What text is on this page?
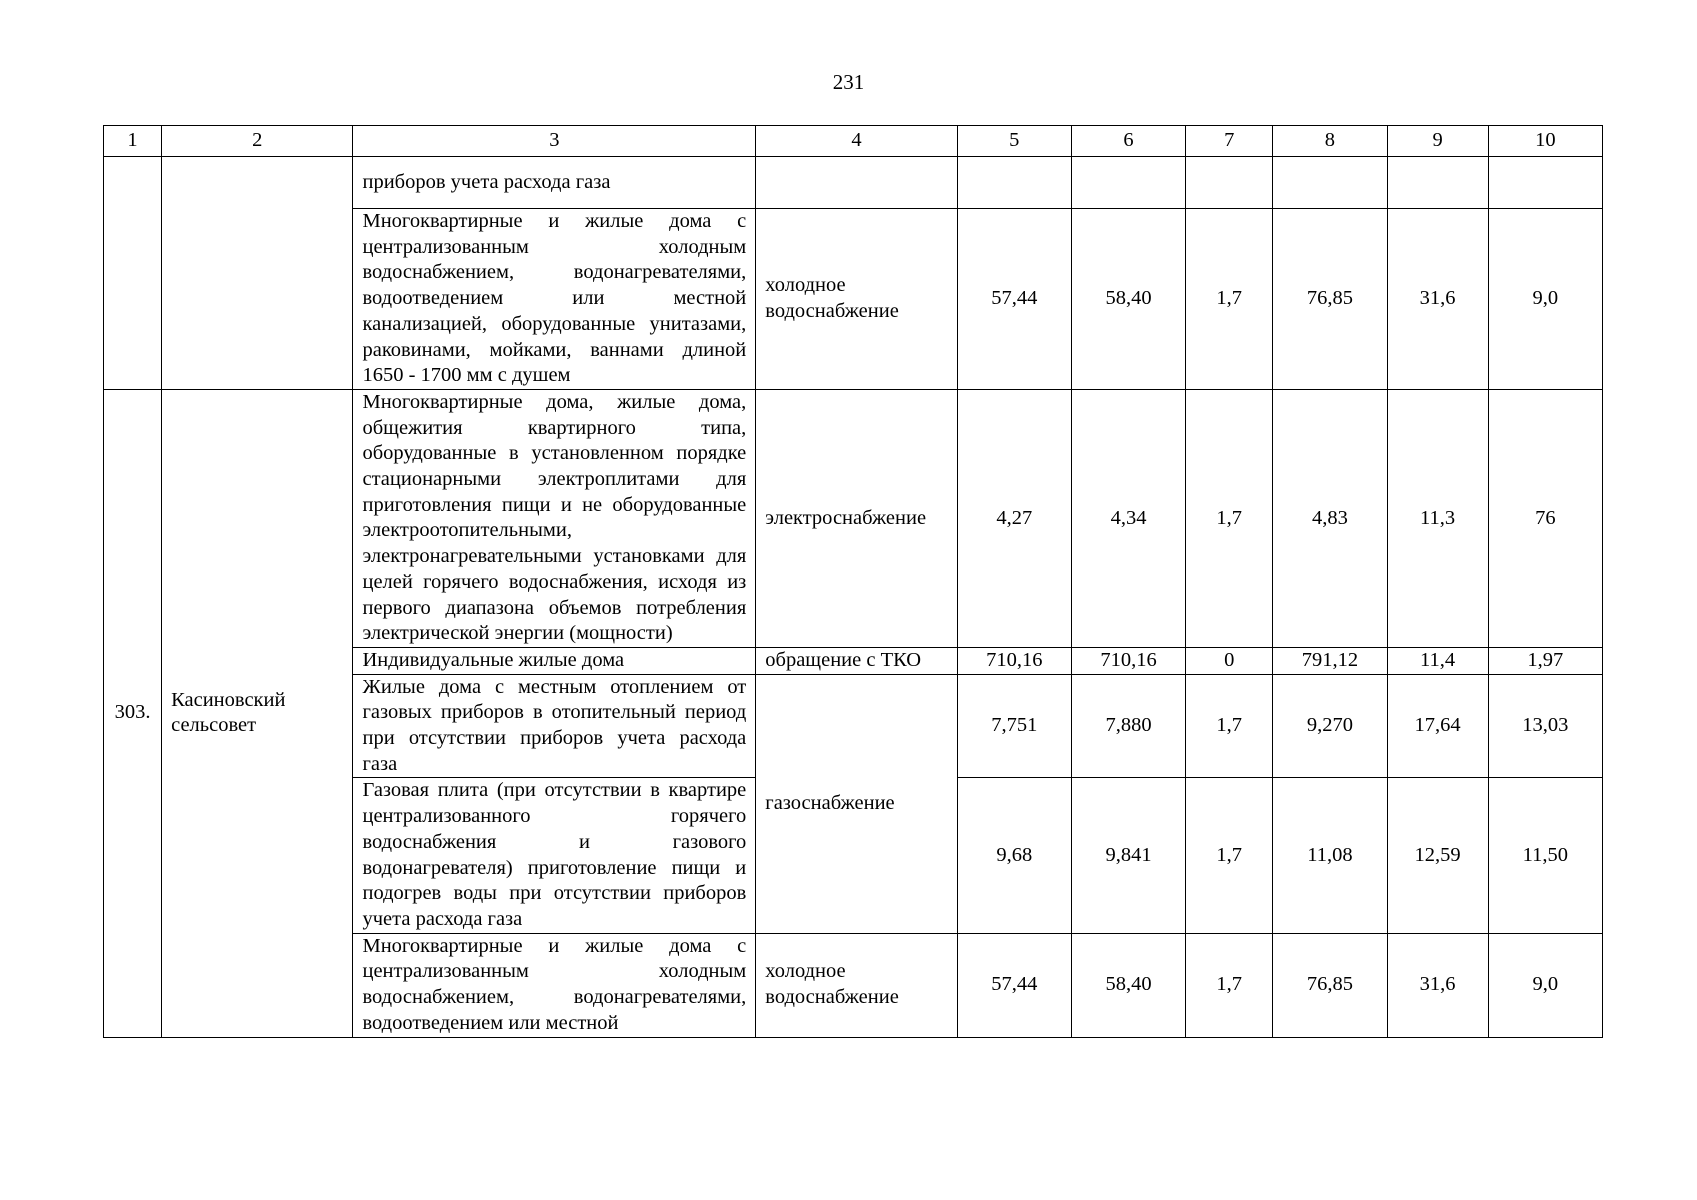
231
1	2	3	4	5	6	7	8	9	10
		приборов учета расхода газа							
		Многоквартирные и жилые дома с централизованным холодным водоснабжением, водонагревателями, водоотведением или местной канализацией, оборудованные унитазами, раковинами, мойками, ваннами длиной 1650 - 1700 мм с душем	холодное водоснабжение	57,44	58,40	1,7	76,85	31,6	9,0
303.	Касиновский сельсовет	Многоквартирные дома, жилые дома, общежития квартирного типа, оборудованные в установленном порядке стационарными электроплитами для приготовления пищи и не оборудованные электроотопительными, электронагревательными установками для целей горячего водоснабжения, исходя из первого диапазона объемов потребления электрической энергии (мощности)	электроснабжение	4,27	4,34	1,7	4,83	11,3	76
		Индивидуальные жилые дома	обращение с ТКО	710,16	710,16	0	791,12	11,4	1,97
		Жилые дома с местным отоплением от газовых приборов в отопительный период при отсутствии приборов учета расхода газа	газоснабжение	7,751	7,880	1,7	9,270	17,64	13,03
		Газовая плита (при отсутствии в квартире централизованного горячего водоснабжения и газового водонагревателя) приготовление пищи и подогрев воды при отсутствии приборов учета расхода газа		9,68	9,841	1,7	11,08	12,59	11,50
		Многоквартирные и жилые дома с централизованным холодным водоснабжением, водонагревателями, водоотведением или местной	холодное водоснабжение	57,44	58,40	1,7	76,85	31,6	9,0
